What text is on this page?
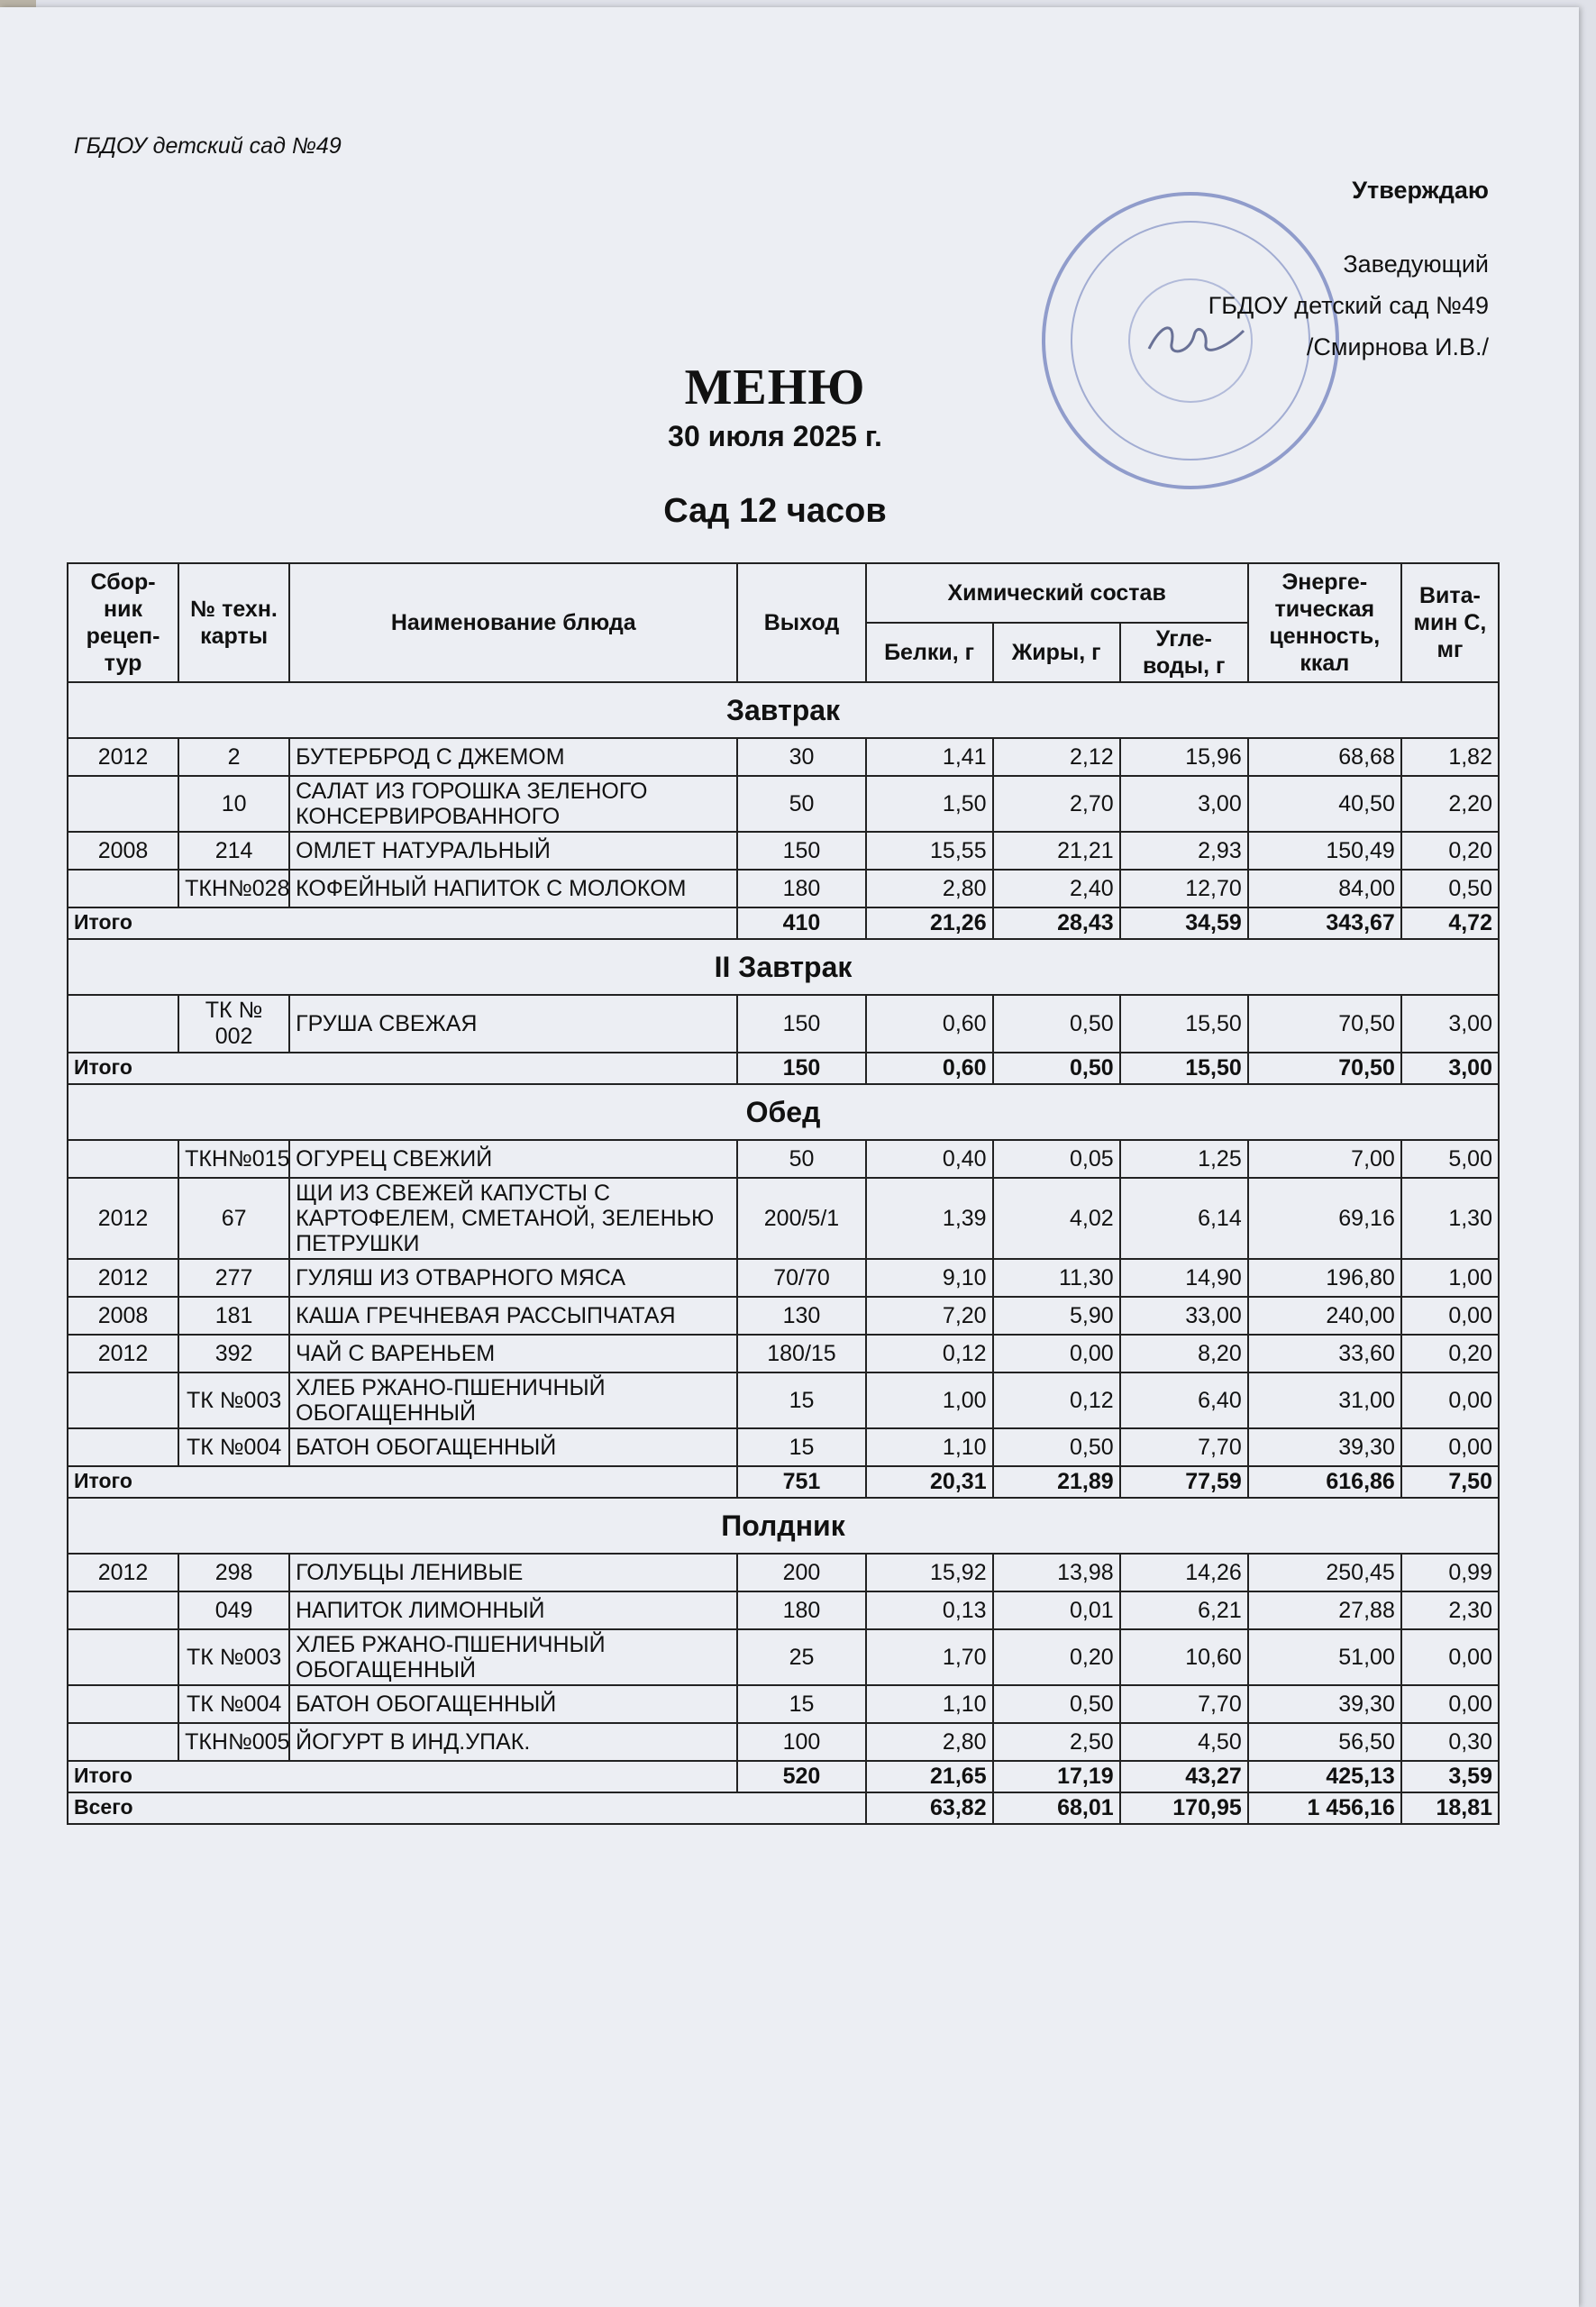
ГБДОУ детский сад №49
Утверждаю
Заведующий
ГБДОУ детский сад №49
/Смирнова И.В./
МЕНЮ
30 июля 2025 г.
Сад 12 часов
Сбор-ник рецеп-тур	№ техн. карты	Наименование блюда	Выход	Химический состав			Энерге-тическая ценность, ккал	Вита-мин С, мг
				Белки, г	Жиры, г	Угле-воды, г		
Завтрак								
2012	2	БУТЕРБРОД С ДЖЕМОМ	30	1,41	2,12	15,96	68,68	1,82
	10	САЛАТ ИЗ ГОРОШКА ЗЕЛЕНОГО КОНСЕРВИРОВАННОГО	50	1,50	2,70	3,00	40,50	2,20
2008	214	ОМЛЕТ НАТУРАЛЬНЫЙ	150	15,55	21,21	2,93	150,49	0,20
	ТКН№028	КОФЕЙНЫЙ НАПИТОК С МОЛОКОМ	180	2,80	2,40	12,70	84,00	0,50
Итого			410	21,26	28,43	34,59	343,67	4,72
II Завтрак								
	ТК № 002	ГРУША СВЕЖАЯ	150	0,60	0,50	15,50	70,50	3,00
Итого			150	0,60	0,50	15,50	70,50	3,00
Обед								
	ТКН№015	ОГУРЕЦ СВЕЖИЙ	50	0,40	0,05	1,25	7,00	5,00
2012	67	ЩИ ИЗ СВЕЖЕЙ КАПУСТЫ С КАРТОФЕЛЕМ, СМЕТАНОЙ, ЗЕЛЕНЬЮ ПЕТРУШКИ	200/5/1	1,39	4,02	6,14	69,16	1,30
2012	277	ГУЛЯШ ИЗ ОТВАРНОГО МЯСА	70/70	9,10	11,30	14,90	196,80	1,00
2008	181	КАША ГРЕЧНЕВАЯ РАССЫПЧАТАЯ	130	7,20	5,90	33,00	240,00	0,00
2012	392	ЧАЙ С ВАРЕНЬЕМ	180/15	0,12	0,00	8,20	33,60	0,20
	ТК №003	ХЛЕБ РЖАНО-ПШЕНИЧНЫЙ ОБОГАЩЕННЫЙ	15	1,00	0,12	6,40	31,00	0,00
	ТК №004	БАТОН ОБОГАЩЕННЫЙ	15	1,10	0,50	7,70	39,30	0,00
Итого			751	20,31	21,89	77,59	616,86	7,50
Полдник								
2012	298	ГОЛУБЦЫ ЛЕНИВЫЕ	200	15,92	13,98	14,26	250,45	0,99
	049	НАПИТОК ЛИМОННЫЙ	180	0,13	0,01	6,21	27,88	2,30
	ТК №003	ХЛЕБ РЖАНО-ПШЕНИЧНЫЙ ОБОГАЩЕННЫЙ	25	1,70	0,20	10,60	51,00	0,00
	ТК №004	БАТОН ОБОГАЩЕННЫЙ	15	1,10	0,50	7,70	39,30	0,00
	ТКН№005	ЙОГУРТ В ИНД.УПАК.	100	2,80	2,50	4,50	56,50	0,30
Итого			520	21,65	17,19	43,27	425,13	3,59
Всего				63,82	68,01	170,95	1 456,16	18,81
